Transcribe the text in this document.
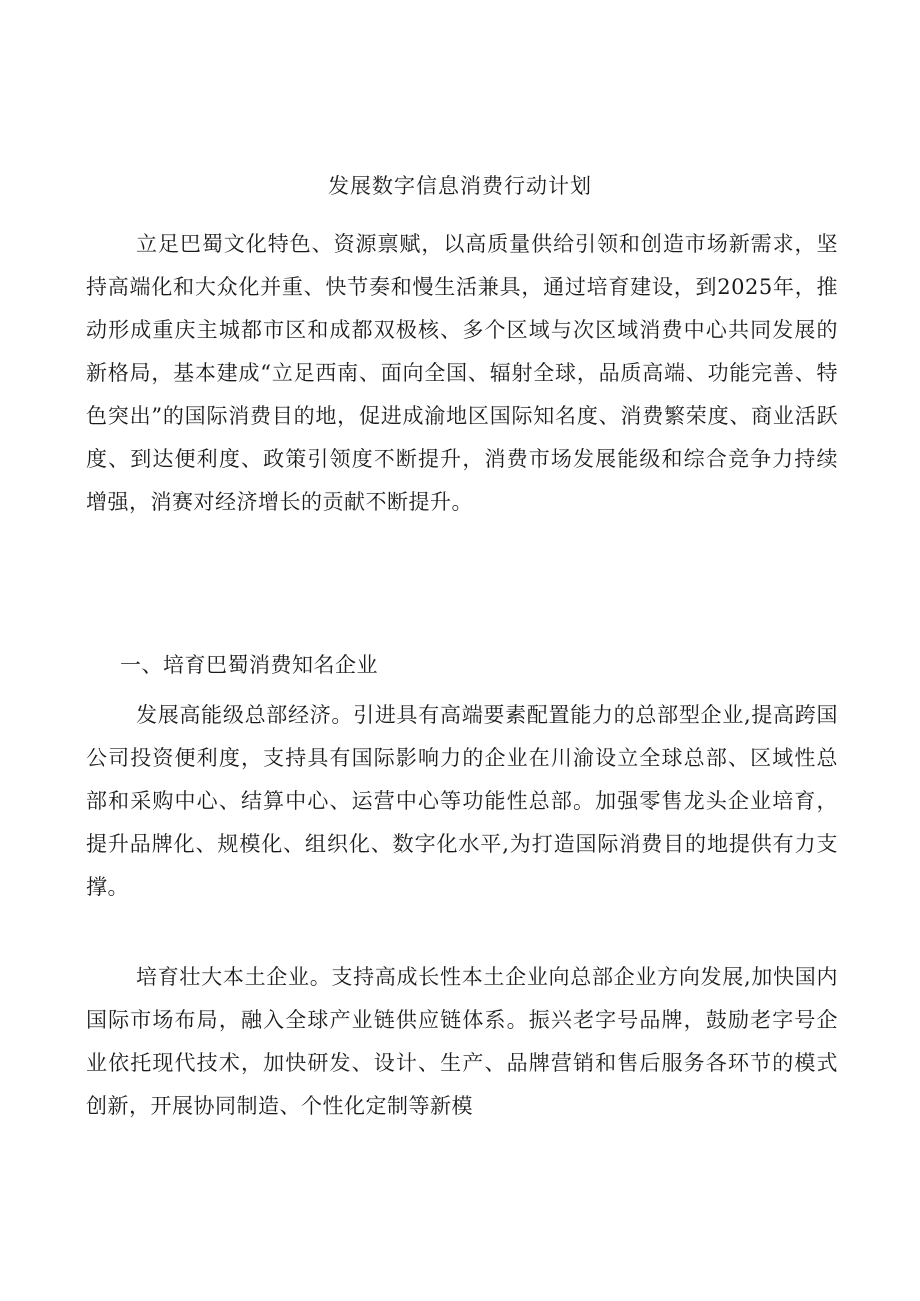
发展数字信息消费行动计划

立足巴蜀文化特色、资源禀赋，以高质量供给引领和创造市场新需求，坚持高端化和大众化并重、快节奏和慢生活兼具，通过培育建设，到2025年，推动形成重庆主城都市区和成都双极核、多个区域与次区域消费中心共同发展的新格局，基本建成“立足西南、面向全国、辐射全球，品质高端、功能完善、特色突出”的国际消费目的地，促进成渝地区国际知名度、消费繁荣度、商业活跃度、到达便利度、政策引领度不断提升，消费市场发展能级和综合竞争力持续增强，消赛对经济增长的贡献不断提升。

一、培育巴蜀消费知名企业

发展高能级总部经济。引进具有高端要素配置能力的总部型企业,提高跨国公司投资便利度，支持具有国际影响力的企业在川渝设立全球总部、区域性总部和采购中心、结算中心、运营中心等功能性总部。加强零售龙头企业培育，提升品牌化、规模化、组织化、数字化水平,为打造国际消费目的地提供有力支撑。

培育壮大本土企业。支持高成长性本土企业向总部企业方向发展,加快国内国际市场布局，融入全球产业链供应链体系。振兴老字号品牌，鼓励老字号企业依托现代技术，加快研发、设计、生产、品牌营销和售后服务各环节的模式创新，开展协同制造、个性化定制等新模
